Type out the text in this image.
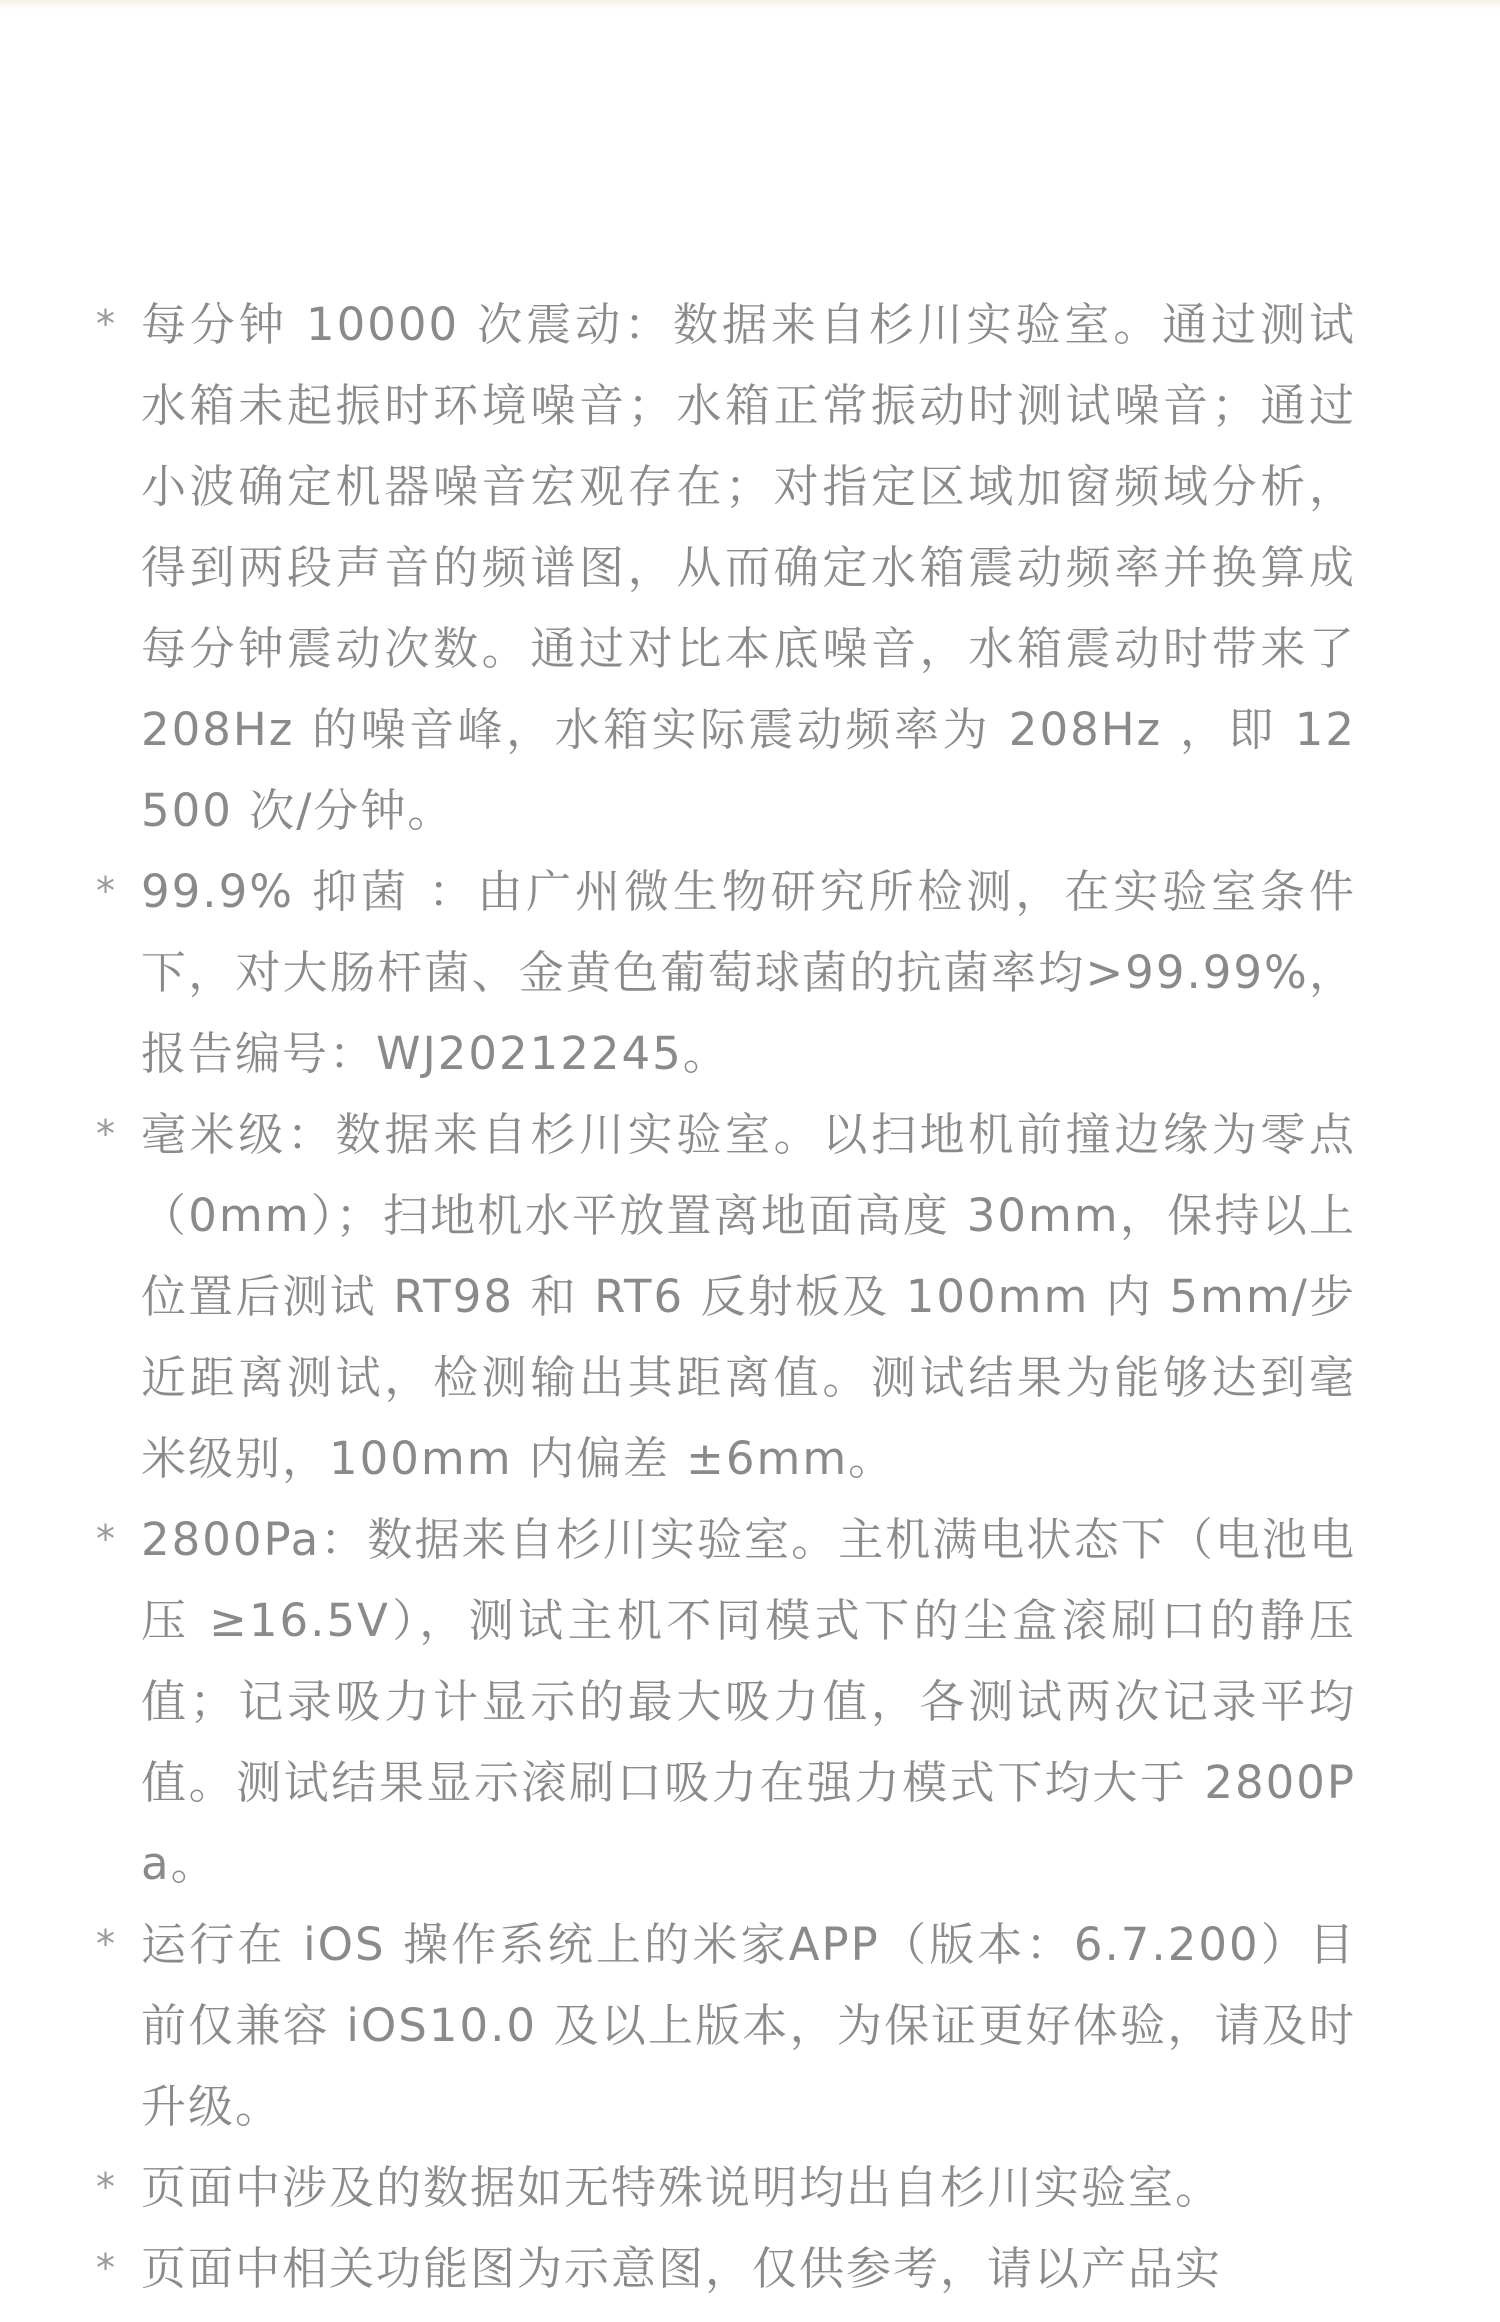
* 每分钟 10000 次震动：数据来自杉川实验室。通过测试水箱未起振时环境噪音；水箱正常振动时测试噪音；通过小波确定机器噪音宏观存在；对指定区域加窗频域分析，得到两段声音的频谱图，从而确定水箱震动频率并换算成每分钟震动次数。通过对比本底噪音，水箱震动时带来了 208Hz 的噪音峰，水箱实际震动频率为 208Hz ，即 12500 次/分钟。
* 99.9% 抑菌 ：由广州微生物研究所检测，在实验室条件下，对大肠杆菌、金黄色葡萄球菌的抗菌率均>99.99%，报告编号：WJ20212245。
* 毫米级：数据来自杉川实验室。以扫地机前撞边缘为零点（0mm）；扫地机水平放置离地面高度 30mm，保持以上位置后测试 RT98 和 RT6 反射板及 100mm 内 5mm/步近距离测试，检测输出其距离值。测试结果为能够达到毫米级别，100mm 内偏差 ±6mm。
* 2800Pa：数据来自杉川实验室。主机满电状态下（电池电压 ≥16.5V），测试主机不同模式下的尘盒滚刷口的静压值；记录吸力计显示的最大吸力值，各测试两次记录平均值。测试结果显示滚刷口吸力在强力模式下均大于 2800Pa。
* 运行在 iOS 操作系统上的米家APP（版本：6.7.200）目前仅兼容 iOS10.0 及以上版本，为保证更好体验，请及时升级。
* 页面中涉及的数据如无特殊说明均出自杉川实验室。
* 页面中相关功能图为示意图，仅供参考，请以产品实
